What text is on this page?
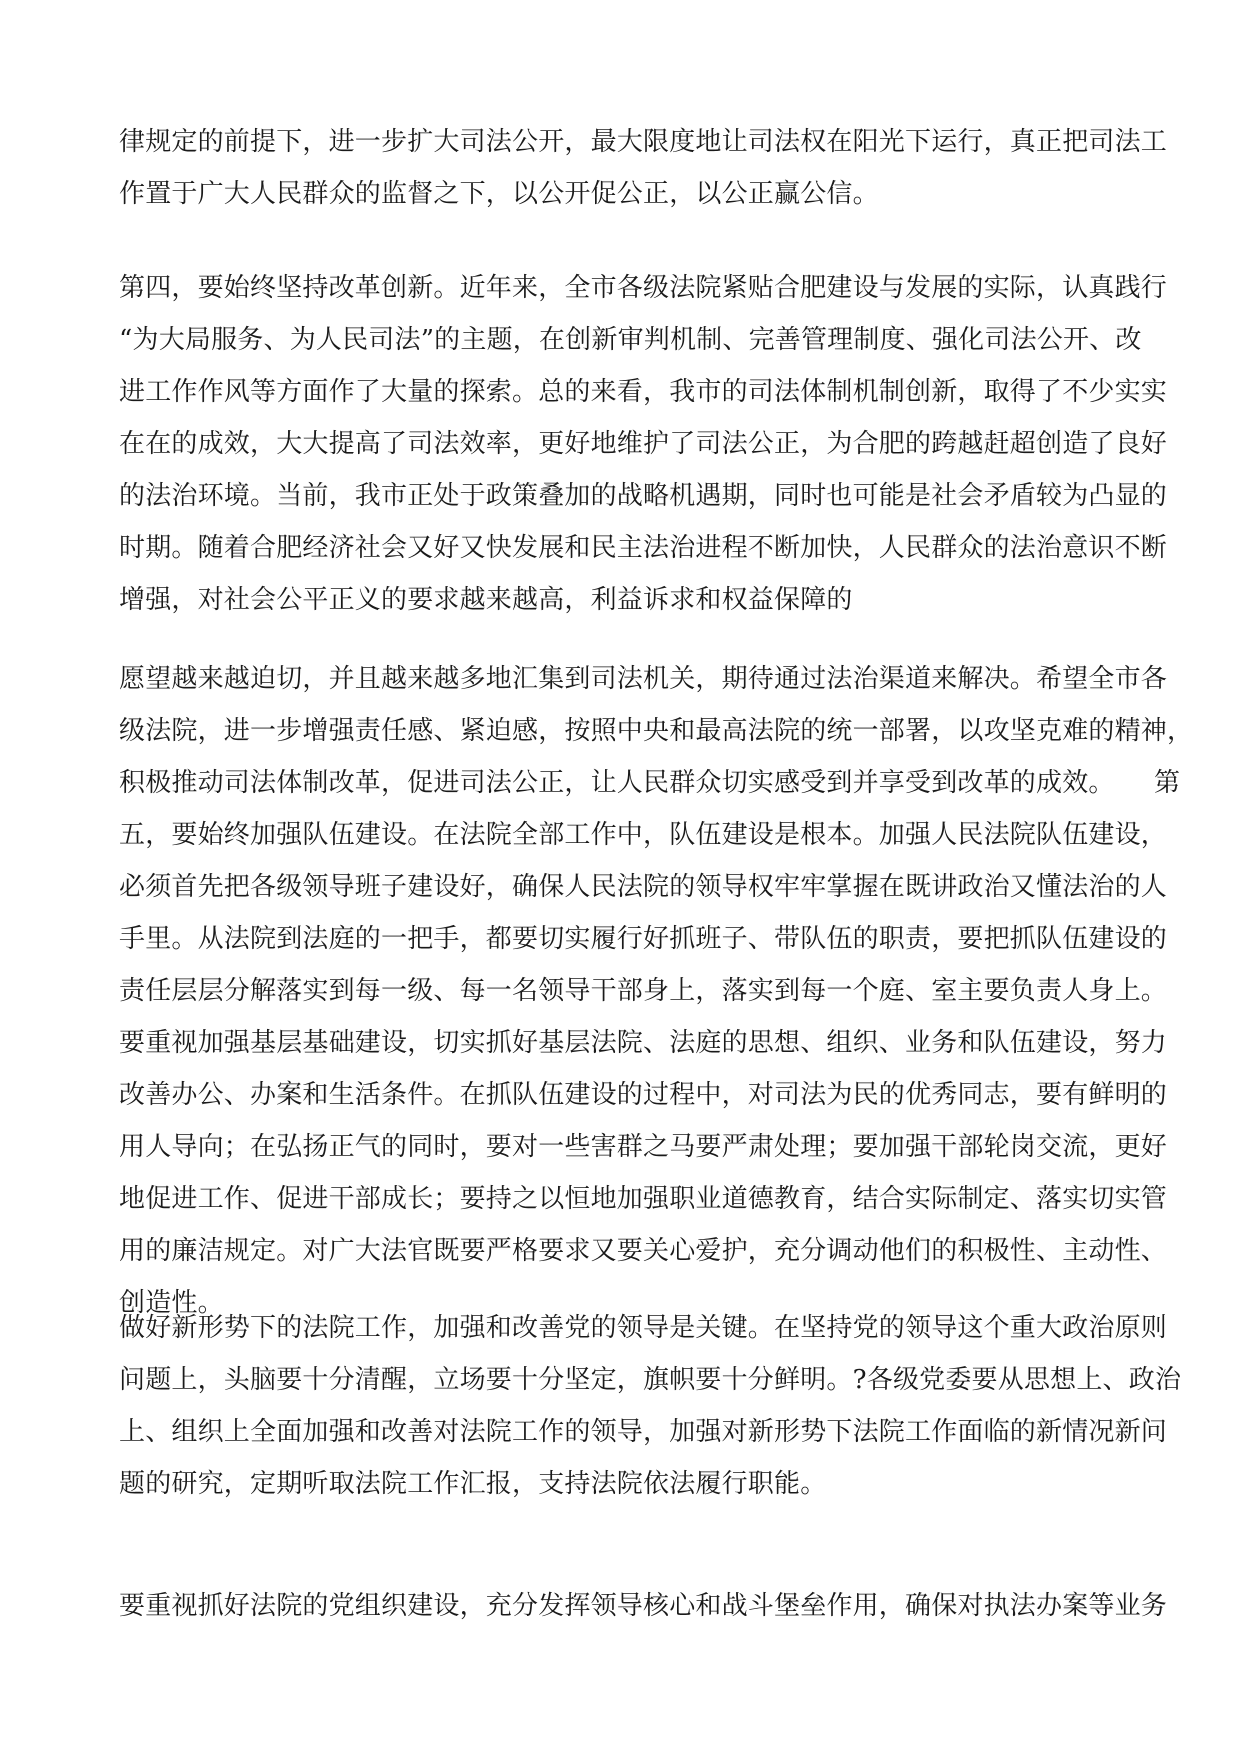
律规定的前提下，进一步扩大司法公开，最大限度地让司法权在阳光下运行，真正把司法工
作置于广大人民群众的监督之下，以公开促公正，以公正赢公信。

第四，要始终坚持改革创新。近年来，全市各级法院紧贴合肥建设与发展的实际，认真践行
“为大局服务、为人民司法”的主题，在创新审判机制、完善管理制度、强化司法公开、改
进工作作风等方面作了大量的探索。总的来看，我市的司法体制机制创新，取得了不少实实
在在的成效，大大提高了司法效率，更好地维护了司法公正，为合肥的跨越赶超创造了良好
的法治环境。当前，我市正处于政策叠加的战略机遇期，同时也可能是社会矛盾较为凸显的
时期。随着合肥经济社会又好又快发展和民主法治进程不断加快，人民群众的法治意识不断
增强，对社会公平正义的要求越来越高，利益诉求和权益保障的

愿望越来越迫切，并且越来越多地汇集到司法机关，期待通过法治渠道来解决。希望全市各
级法院，进一步增强责任感、紧迫感，按照中央和最高法院的统一部署，以攻坚克难的精神，
积极推动司法体制改革，促进司法公正，让人民群众切实感受到并享受到改革的成效。　　第
五，要始终加强队伍建设。在法院全部工作中，队伍建设是根本。加强人民法院队伍建设，
必须首先把各级领导班子建设好，确保人民法院的领导权牢牢掌握在既讲政治又懂法治的人
手里。从法院到法庭的一把手，都要切实履行好抓班子、带队伍的职责，要把抓队伍建设的
责任层层分解落实到每一级、每一名领导干部身上，落实到每一个庭、室主要负责人身上。
要重视加强基层基础建设，切实抓好基层法院、法庭的思想、组织、业务和队伍建设，努力
改善办公、办案和生活条件。在抓队伍建设的过程中，对司法为民的优秀同志，要有鲜明的
用人导向；在弘扬正气的同时，要对一些害群之马要严肃处理；要加强干部轮岗交流，更好
地促进工作、促进干部成长；要持之以恒地加强职业道德教育，结合实际制定、落实切实管
用的廉洁规定。对广大法官既要严格要求又要关心爱护，充分调动他们的积极性、主动性、
创造性。

做好新形势下的法院工作，加强和改善党的领导是关键。在坚持党的领导这个重大政治原则
问题上，头脑要十分清醒，立场要十分坚定，旗帜要十分鲜明。?各级党委要从思想上、政治
上、组织上全面加强和改善对法院工作的领导，加强对新形势下法院工作面临的新情况新问
题的研究，定期听取法院工作汇报，支持法院依法履行职能。

要重视抓好法院的党组织建设，充分发挥领导核心和战斗堡垒作用，确保对执法办案等业务
